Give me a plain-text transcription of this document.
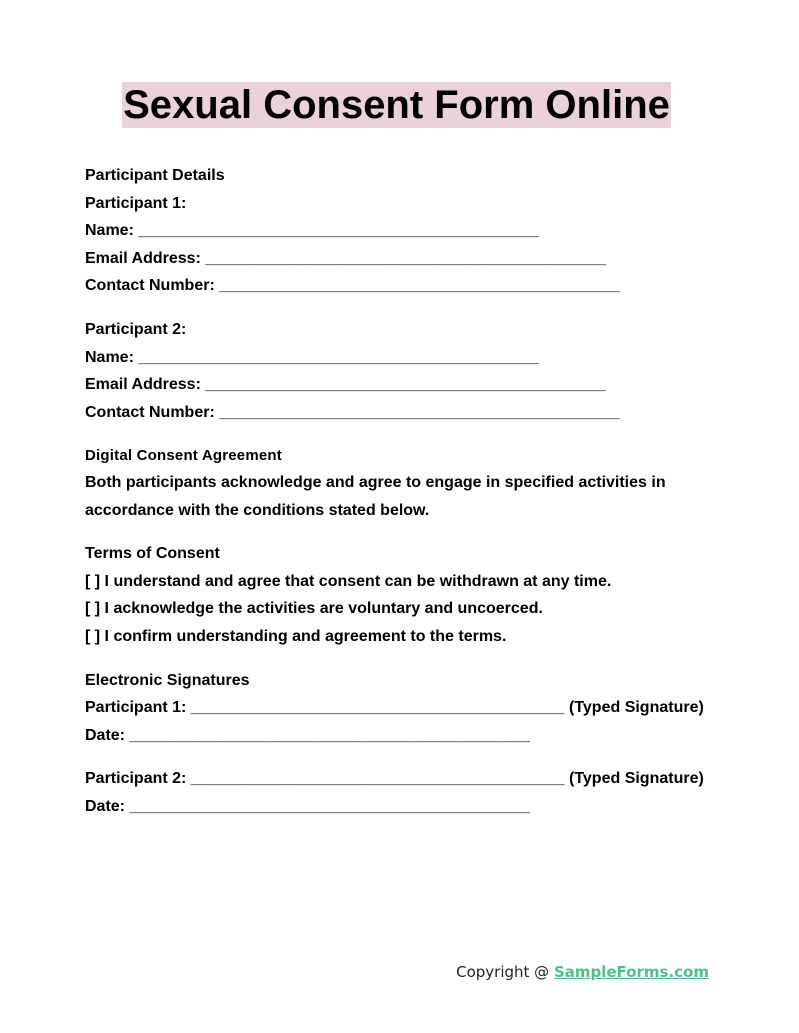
Sexual Consent Form Online
Participant Details
Participant 1:
Name: _____________________________________________
Email Address: _____________________________________________
Contact Number: _____________________________________________
Participant 2:
Name: _____________________________________________
Email Address: _____________________________________________
Contact Number: _____________________________________________
Digital Consent Agreement
Both participants acknowledge and agree to engage in specified activities in
accordance with the conditions stated below.
Terms of Consent
[ ] I understand and agree that consent can be withdrawn at any time.
[ ] I acknowledge the activities are voluntary and uncoerced.
[ ] I confirm understanding and agreement to the terms.
Electronic Signatures
Participant 1: __________________________________________ (Typed Signature)
Date: _____________________________________________
Participant 2: __________________________________________ (Typed Signature)
Date: _____________________________________________
Copyright @ SampleForms.com
